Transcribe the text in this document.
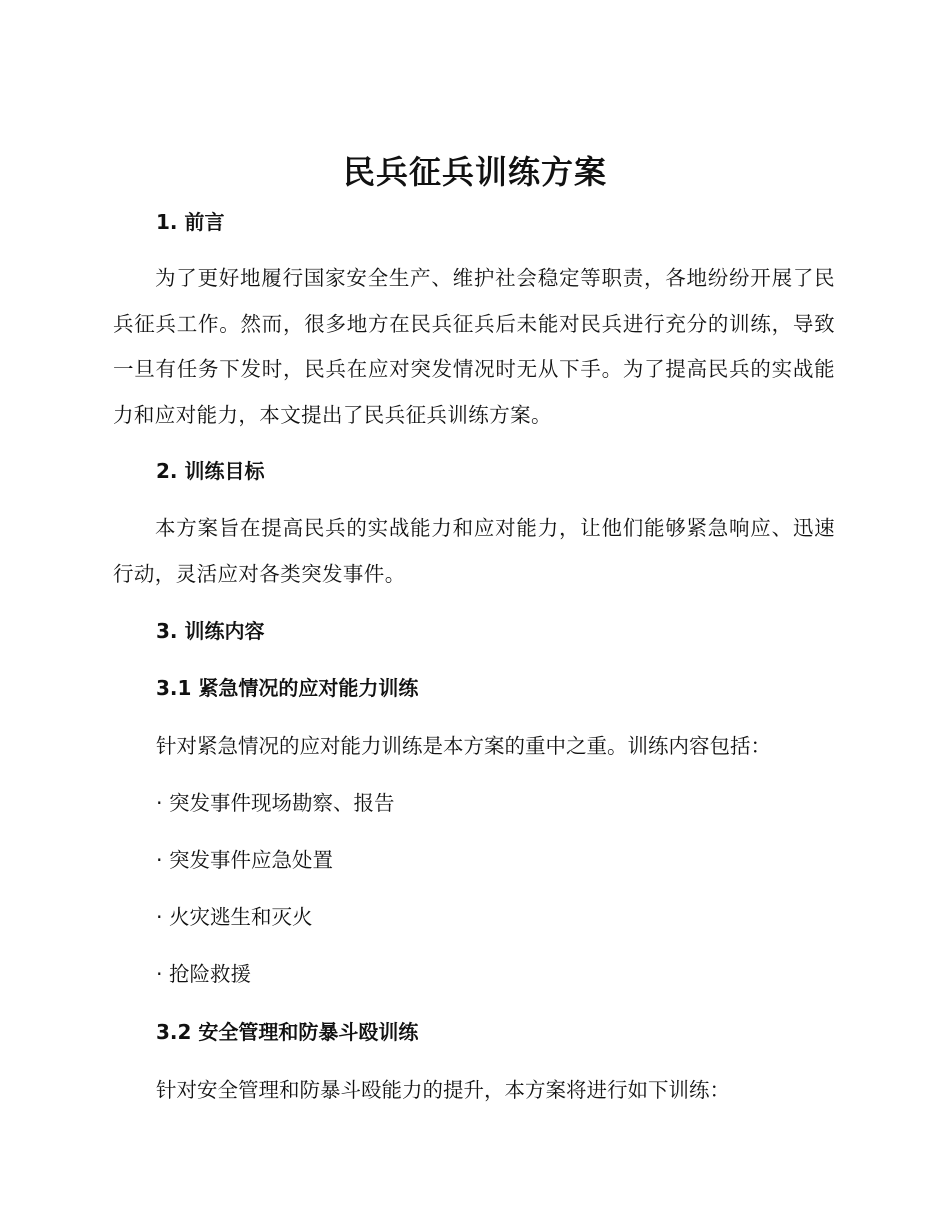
民兵征兵训练方案
1. 前言
为了更好地履行国家安全生产、维护社会稳定等职责，各地纷纷开展了民兵征兵工作。然而，很多地方在民兵征兵后未能对民兵进行充分的训练，导致一旦有任务下发时，民兵在应对突发情况时无从下手。为了提高民兵的实战能力和应对能力，本文提出了民兵征兵训练方案。
2. 训练目标
本方案旨在提高民兵的实战能力和应对能力，让他们能够紧急响应、迅速行动，灵活应对各类突发事件。
3. 训练内容
3.1 紧急情况的应对能力训练
针对紧急情况的应对能力训练是本方案的重中之重。训练内容包括：
· 突发事件现场勘察、报告
· 突发事件应急处置
· 火灾逃生和灭火
· 抢险救援
3.2 安全管理和防暴斗殴训练
针对安全管理和防暴斗殴能力的提升，本方案将进行如下训练：
